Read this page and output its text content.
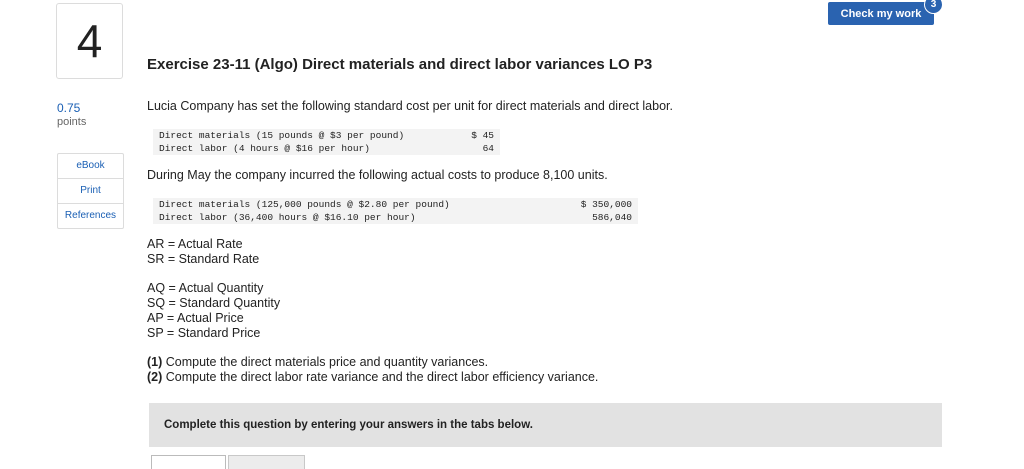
4
0.75
points
eBook
Print
References
Check my work
3
Exercise 23-11 (Algo) Direct materials and direct labor variances LO P3
Lucia Company has set the following standard cost per unit for direct materials and direct labor.
Direct materials (15 pounds @ $3 per pound)	$ 45
Direct labor (4 hours @ $16 per hour)	64
During May the company incurred the following actual costs to produce 8,100 units.
Direct materials (125,000 pounds @ $2.80 per pound)	$ 350,000
Direct labor (36,400 hours @ $16.10 per hour)	586,040
AR = Actual Rate
SR = Standard Rate
AQ = Actual Quantity
SQ = Standard Quantity
AP = Actual Price
SP = Standard Price
(1) Compute the direct materials price and quantity variances.
(2) Compute the direct labor rate variance and the direct labor efficiency variance.
Complete this question by entering your answers in the tabs below.
